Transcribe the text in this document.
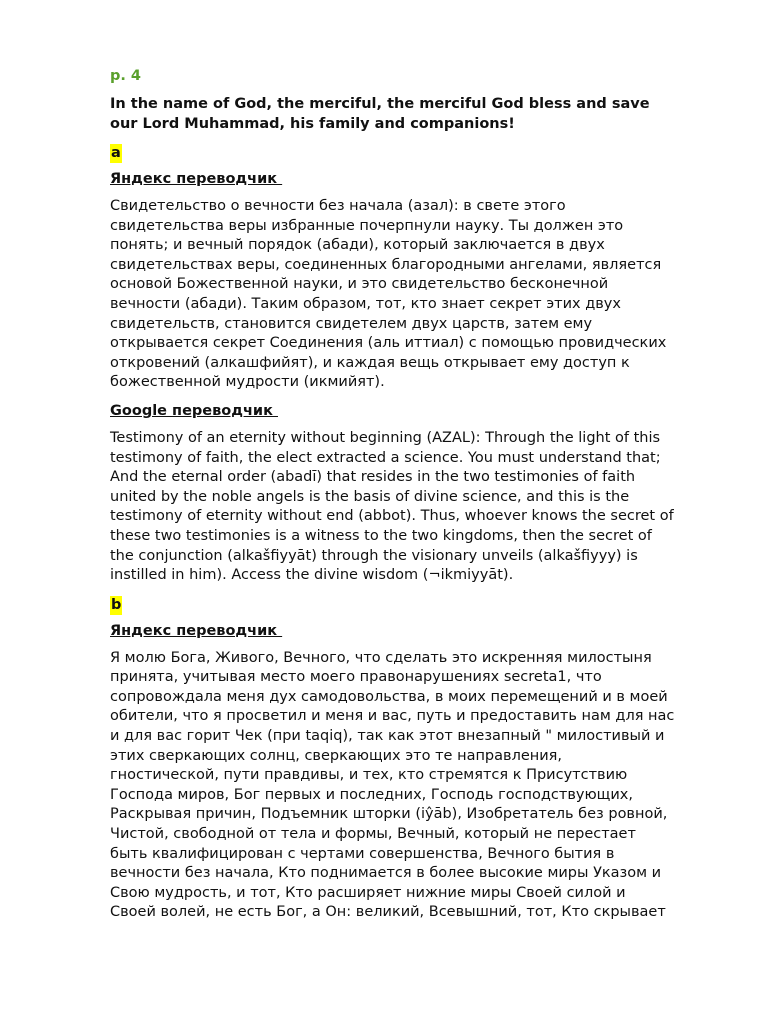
p. 4
In the name of God, the merciful, the merciful God bless and save
our Lord Muhammad, his family and companions!
a
Яндекс переводчик
Свидетельство о вечности без начала (азал): в свете этого
свидетельства веры избранные почерпнули науку. Ты должен это
понять; и вечный порядок (абади), который заключается в двух
свидетельствах веры, соединенных благородными ангелами, является
основой Божественной науки, и это свидетельство бесконечной
вечности (абади). Таким образом, тот, кто знает секрет этих двух
свидетельств, становится свидетелем двух царств, затем ему
открывается секрет Соединения (аль иттиал) с помощью провидческих
откровений (алкашфийят), и каждая вещь открывает ему доступ к
божественной мудрости (икмийят).
Google переводчик
Testimony of an eternity without beginning (AZAL): Through the light of this
testimony of faith, the elect extracted a science. You must understand that;
And the eternal order (abadī) that resides in the two testimonies of faith
united by the noble angels is the basis of divine science, and this is the
testimony of eternity without end (abbot). Thus, whoever knows the secret of
these two testimonies is a witness to the two kingdoms, then the secret of
the conjunction (alkašfiyyāt) through the visionary unveils (alkašfiyyy) is
instilled in him). Access the divine wisdom (¬ikmiyyāt).
b
Яндекс переводчик
Я молю Бога, Живого, Вечного, что сделать это искренняя милостыня
принята, учитывая место моего правонарушениях secreta1, что
сопровождала меня дух самодовольства, в моих перемещений и в моей
обители, что я просветил и меня и вас, путь и предоставить нам для нас
и для вас горит Чек (при taqiq), так как этот внезапный " милостивый и
этих сверкающих солнц, сверкающих это те направления,
гностической, пути правдивы, и тех, кто стремятся к Присутствию
Господа миров, Бог первых и последних, Господь господствующих,
Раскрывая причин, Подъемник шторки (iŷāb), Изобретатель без ровной,
Чистой, свободной от тела и формы, Вечный, который не перестает
быть квалифицирован с чертами совершенства, Вечного бытия в
вечности без начала, Кто поднимается в более высокие миры Указом и
Свою мудрость, и тот, Кто расширяет нижние миры Своей силой и
Своей волей, не есть Бог, а Он: великий, Всевышний, тот, Кто скрывает
